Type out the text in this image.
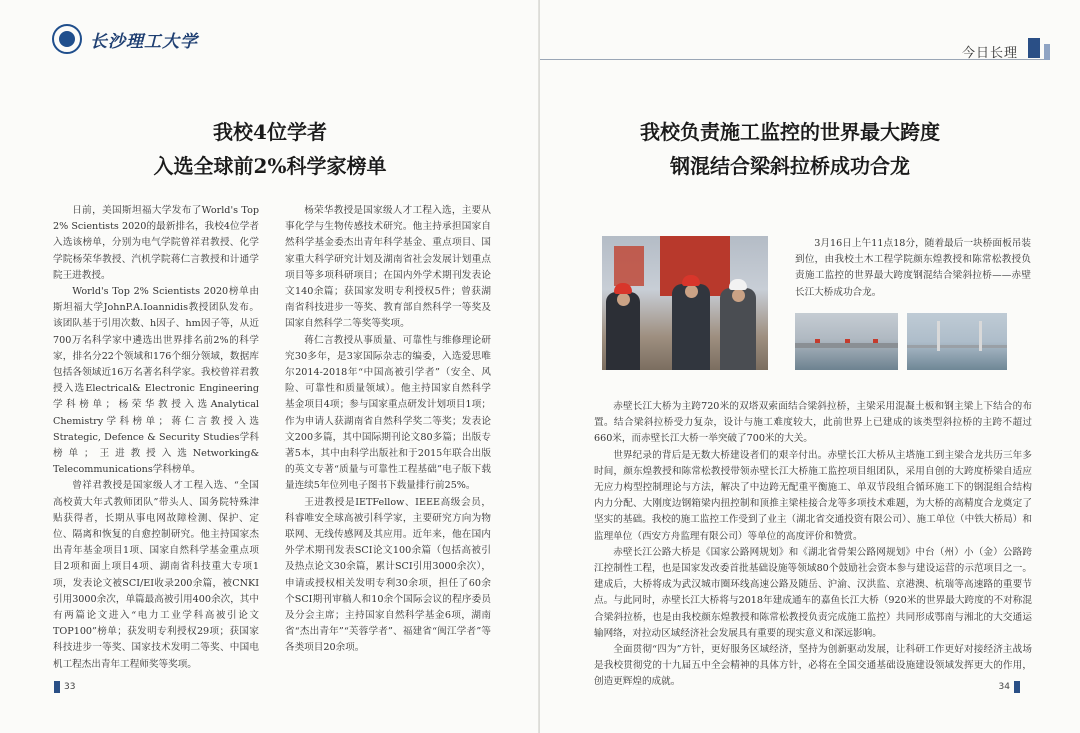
长沙理工大学
我校4位学者
入选全球前2%科学家榜单

日前，美国斯坦福大学发布了World's Top 2% Scientists 2020的最新排名，我校4位学者入选该榜单，分别为电气学院曾祥君教授、化学学院杨荣华教授、汽机学院蒋仁言教授和计通学院王进教授。

World's Top 2% Scientists 2020榜单由斯坦福大学JohnP.A.Ioannidis教授团队发布。该团队基于引用次数、h因子、hm因子等，从近700万名科学家中遴选出世界排名前2%的科学家，排名分22个领域和176个细分领域，数据库包括各领域近16万名著名科学家。我校曾祥君教授入选Electrical& Electronic Engineering学科榜单；杨荣华教授入选Analytical Chemistry学科榜单；蒋仁言教授入选Strategic, Defence & Security Studies学科榜单；王进教授入选Networking& Telecommunications学科榜单。

曾祥君教授是国家级人才工程入选、“全国高校黄大年式教师团队”带头人、国务院特殊津贴获得者，长期从事电网故障检测、保护、定位、隔离和恢复的自愈控制研究。他主持国家杰出青年基金项目1项、国家自然科学基金重点项目2项和面上项目4项、湖南省科技重大专项1项，发表论文被SCI/EI收录200余篇，被CNKI引用3000余次，单篇最高被引用400余次，其中有两篇论文进入“电力工业学科高被引论文TOP100”榜单；获发明专利授权29项；获国家科技进步一等奖、国家技术发明二等奖、中国电机工程杰出青年工程师奖等奖项。

杨荣华教授是国家级人才工程入选，主要从事化学与生物传感技术研究。他主持承担国家自然科学基金委杰出青年科学基金、重点项目、国家重大科学研究计划及湖南省社会发展计划重点项目等多项科研项目；在国内外学术期刊发表论文140余篇；获国家发明专利授权5件；曾获湖南省科技进步一等奖、教育部自然科学一等奖及国家自然科学二等奖等奖项。

蒋仁言教授从事质量、可靠性与维修理论研究30多年，是3家国际杂志的编委，入选爱思唯尔2014-2018年“中国高被引学者”（安全、风险、可靠性和质量领域）。他主持国家自然科学基金项目4项；参与国家重点研发计划项目1项；作为申请人获湖南省自然科学奖二等奖；发表论文200多篇，其中国际期刊论文80多篇；出版专著5本，其中由科学出版社和于2015年联合出版的英文专著“质量与可靠性工程基础”电子版下载量连续5年位列电子图书下载量排行前25%。

王进教授是IETFellow、IEEE高级会员，科睿唯安全球高被引科学家，主要研究方向为物联网、无线传感网及其应用。近年来，他在国内外学术期刊发表SCI论文100余篇（包括高被引及热点论文30余篇，累计SCI引用3000余次），申请或授权相关发明专利30余项，担任了60余个SCI期刊审稿人和10余个国际会议的程序委员及分会主席；主持国家自然科学基金6项，湖南省“杰出青年”“芙蓉学者”、福建省“闽江学者”等各类项目20余项。

33
今日长理
我校负责施工监控的世界最大跨度
钢混结合梁斜拉桥成功合龙

3月16日上午11点18分，随着最后一块桥面板吊装到位，由我校土木工程学院颜东煌教授和陈常松教授负责施工监控的世界最大跨度钢混结合梁斜拉桥——赤壁长江大桥成功合龙。

赤壁长江大桥为主跨720米的双塔双索面结合梁斜拉桥，主梁采用混凝土板和钢主梁上下结合的布置。结合梁斜拉桥受力复杂，设计与施工难度较大，此前世界上已建成的该类型斜拉桥的主跨不超过660米，而赤壁长江大桥一举突破了700米的大关。

世界纪录的背后是无数大桥建设者们的艰辛付出。赤壁长江大桥从主塔施工到主梁合龙共历三年多时间，颜东煌教授和陈常松教授带领赤壁长江大桥施工监控项目组团队，采用自创的大跨度桥梁自适应无应力构型控制理论与方法，解决了中边跨无配重平衡施工、单双节段组合循环施工下的钢混组合结构内力分配、大刚度边钢箱梁内扭控制和顶推主梁桂接合龙等多项技术难题，为大桥的高精度合龙奠定了坚实的基础。我校的施工监控工作受到了业主（湖北省交通投资有限公司）、施工单位（中铁大桥局）和监理单位（西安方舟监理有限公司）等单位的高度评价和赞赏。

赤壁长江公路大桥是《国家公路网规划》和《湖北省骨架公路网规划》中台（州）小（金）公路跨江控制性工程，也是国家发改委首批基础设施等领域80个鼓励社会资本参与建设运营的示范项目之一。建成后，大桥将成为武汉城市圈环线高速公路及随岳、沪渝、汉洪监、京港澳、杭瑞等高速路的重要节点。与此同时，赤壁长江大桥将与2018年建成通车的嘉鱼长江大桥（920米的世界最大跨度的不对称混合梁斜拉桥，也是由我校颜东煌教授和陈常松教授负责完成施工监控）共同形成鄂南与湘北的大交通运输网络，对拉动区域经济社会发展具有重要的现实意义和深远影响。

全面贯彻“四为”方针，更好服务区域经济，坚持为创新驱动发展，让科研工作更好对接经济主战场是我校贯彻党的十九届五中全会精神的具体方针，必将在全国交通基础设施建设领域发挥更大的作用，创造更辉煌的成就。	34
